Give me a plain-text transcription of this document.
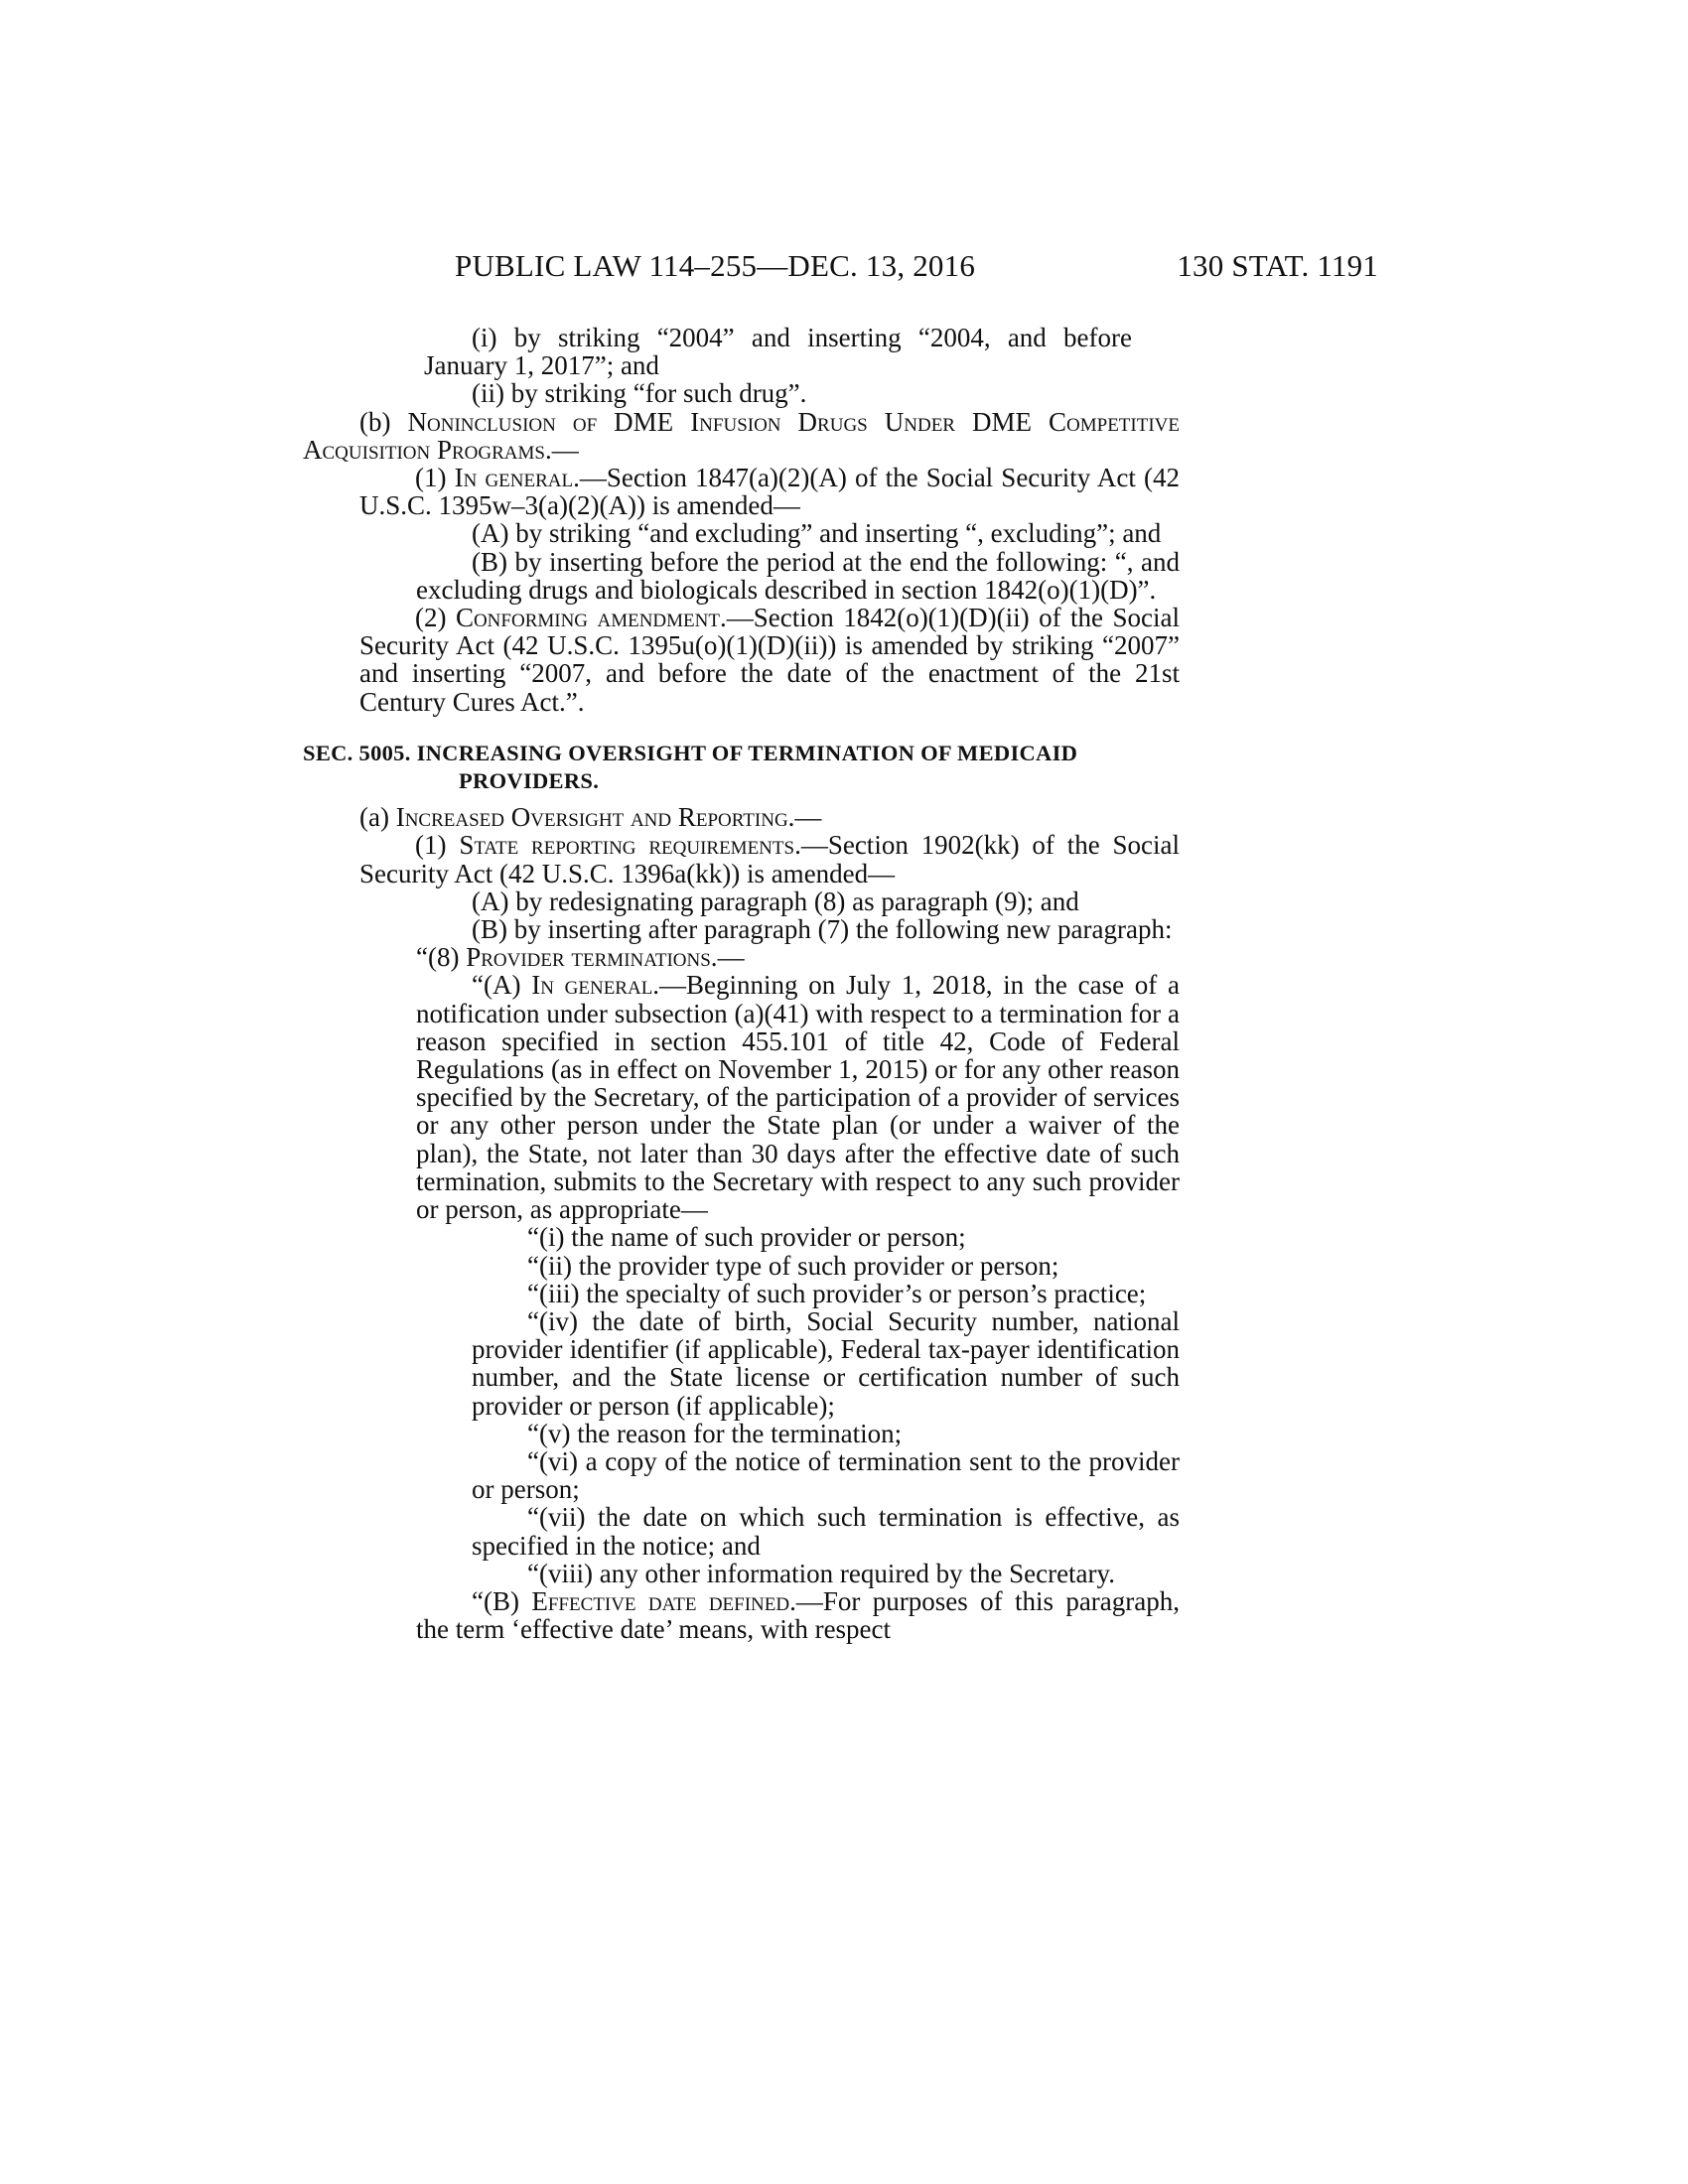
PUBLIC LAW 114–255—DEC. 13, 2016	130 STAT. 1191

(i) by striking “2004” and inserting “2004, and before January 1, 2017”; and

(ii) by striking “for such drug”.

(b) Noninclusion of DME Infusion Drugs Under DME Competitive Acquisition Programs.—

(1) In general.—Section 1847(a)(2)(A) of the Social Security Act (42 U.S.C. 1395w–3(a)(2)(A)) is amended—

(A) by striking “and excluding” and inserting “, excluding”; and

(B) by inserting before the period at the end the following: “, and excluding drugs and biologicals described in section 1842(o)(1)(D)”.

(2) Conforming amendment.—Section 1842(o)(1)(D)(ii) of the Social Security Act (42 U.S.C. 1395u(o)(1)(D)(ii)) is amended by striking “2007” and inserting “2007, and before the date of the enactment of the 21st Century Cures Act.”.

SEC. 5005. INCREASING OVERSIGHT OF TERMINATION OF MEDICAID
PROVIDERS.

(a) Increased Oversight and Reporting.—

(1) State reporting requirements.—Section 1902(kk) of the Social Security Act (42 U.S.C. 1396a(kk)) is amended—

(A) by redesignating paragraph (8) as paragraph (9); and

(B) by inserting after paragraph (7) the following new paragraph:

“(8) Provider terminations.—

“(A) In general.—Beginning on July 1, 2018, in the case of a notification under subsection (a)(41) with respect to a termination for a reason specified in section 455.101 of title 42, Code of Federal Regulations (as in effect on November 1, 2015) or for any other reason specified by the Secretary, of the participation of a provider of services or any other person under the State plan (or under a waiver of the plan), the State, not later than 30 days after the effective date of such termination, submits to the Secretary with respect to any such provider or person, as appropriate—

“(i) the name of such provider or person;

“(ii) the provider type of such provider or person;

“(iii) the specialty of such provider’s or person’s practice;

“(iv) the date of birth, Social Security number, national provider identifier (if applicable), Federal tax-payer identification number, and the State license or certification number of such provider or person (if applicable);

“(v) the reason for the termination;

“(vi) a copy of the notice of termination sent to the provider or person;

“(vii) the date on which such termination is effective, as specified in the notice; and

“(viii) any other information required by the Secretary.

“(B) Effective date defined.—For purposes of this paragraph, the term ‘effective date’ means, with respect
